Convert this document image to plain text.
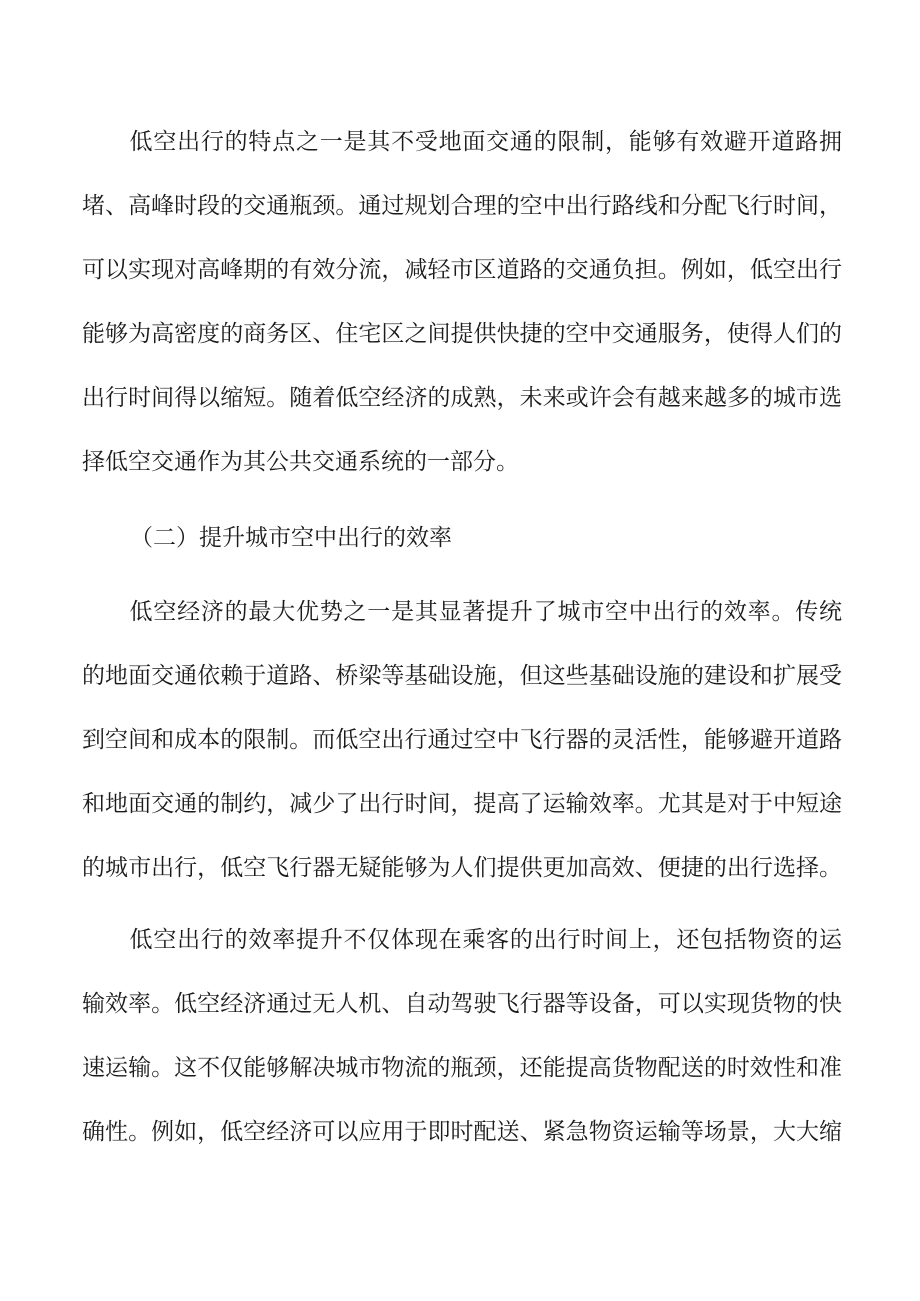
　　低空出行的特点之一是其不受地面交通的限制，能够有效避开道路拥
堵、高峰时段的交通瓶颈。通过规划合理的空中出行路线和分配飞行时间，
可以实现对高峰期的有效分流，减轻市区道路的交通负担。例如，低空出行
能够为高密度的商务区、住宅区之间提供快捷的空中交通服务，使得人们的
出行时间得以缩短。随着低空经济的成熟，未来或许会有越来越多的城市选
择低空交通作为其公共交通系统的一部分。
（二）提升城市空中出行的效率
　　低空经济的最大优势之一是其显著提升了城市空中出行的效率。传统
的地面交通依赖于道路、桥梁等基础设施，但这些基础设施的建设和扩展受
到空间和成本的限制。而低空出行通过空中飞行器的灵活性，能够避开道路
和地面交通的制约，减少了出行时间，提高了运输效率。尤其是对于中短途
的城市出行，低空飞行器无疑能够为人们提供更加高效、便捷的出行选择。
　　低空出行的效率提升不仅体现在乘客的出行时间上，还包括物资的运
输效率。低空经济通过无人机、自动驾驶飞行器等设备，可以实现货物的快
速运输。这不仅能够解决城市物流的瓶颈，还能提高货物配送的时效性和准
确性。例如，低空经济可以应用于即时配送、紧急物资运输等场景，大大缩
